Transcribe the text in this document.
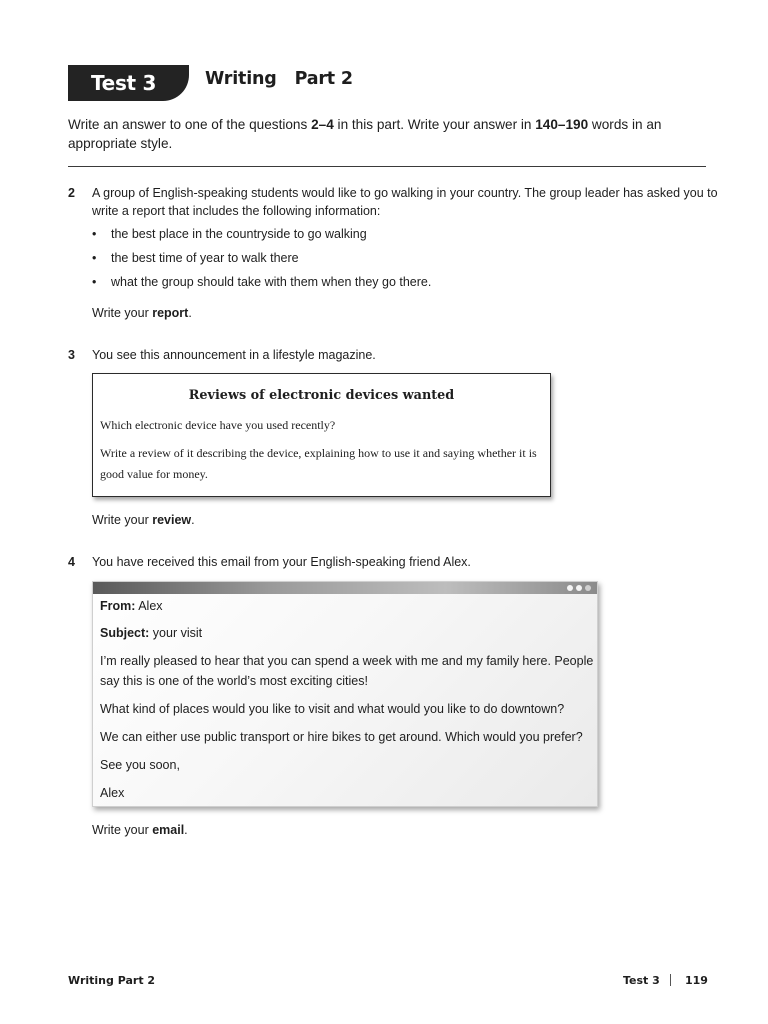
Test 3	Writing Part 2
Write an answer to one of the questions 2–4 in this part. Write your answer in 140–190 words in an
appropriate style.
2 A group of English-speaking students would like to go walking in your country. The group leader has asked you to
write a report that includes the following information:
• the best place in the countryside to go walking
• the best time of year to walk there
• what the group should take with them when they go there.
Write your report.
3 You see this announcement in a lifestyle magazine.
Reviews of electronic devices wanted
Which electronic device have you used recently?
Write a review of it describing the device, explaining how to use it and saying whether it is
good value for money.
Write your review.
4 You have received this email from your English-speaking friend Alex.
From: Alex
Subject: your visit
I’m really pleased to hear that you can spend a week with me and my family here. People
say this is one of the world’s most exciting cities!
What kind of places would you like to visit and what would you like to do downtown?
We can either use public transport or hire bikes to get around. Which would you prefer?
See you soon,
Alex
Write your email.
Writing Part 2	Test 3 119
